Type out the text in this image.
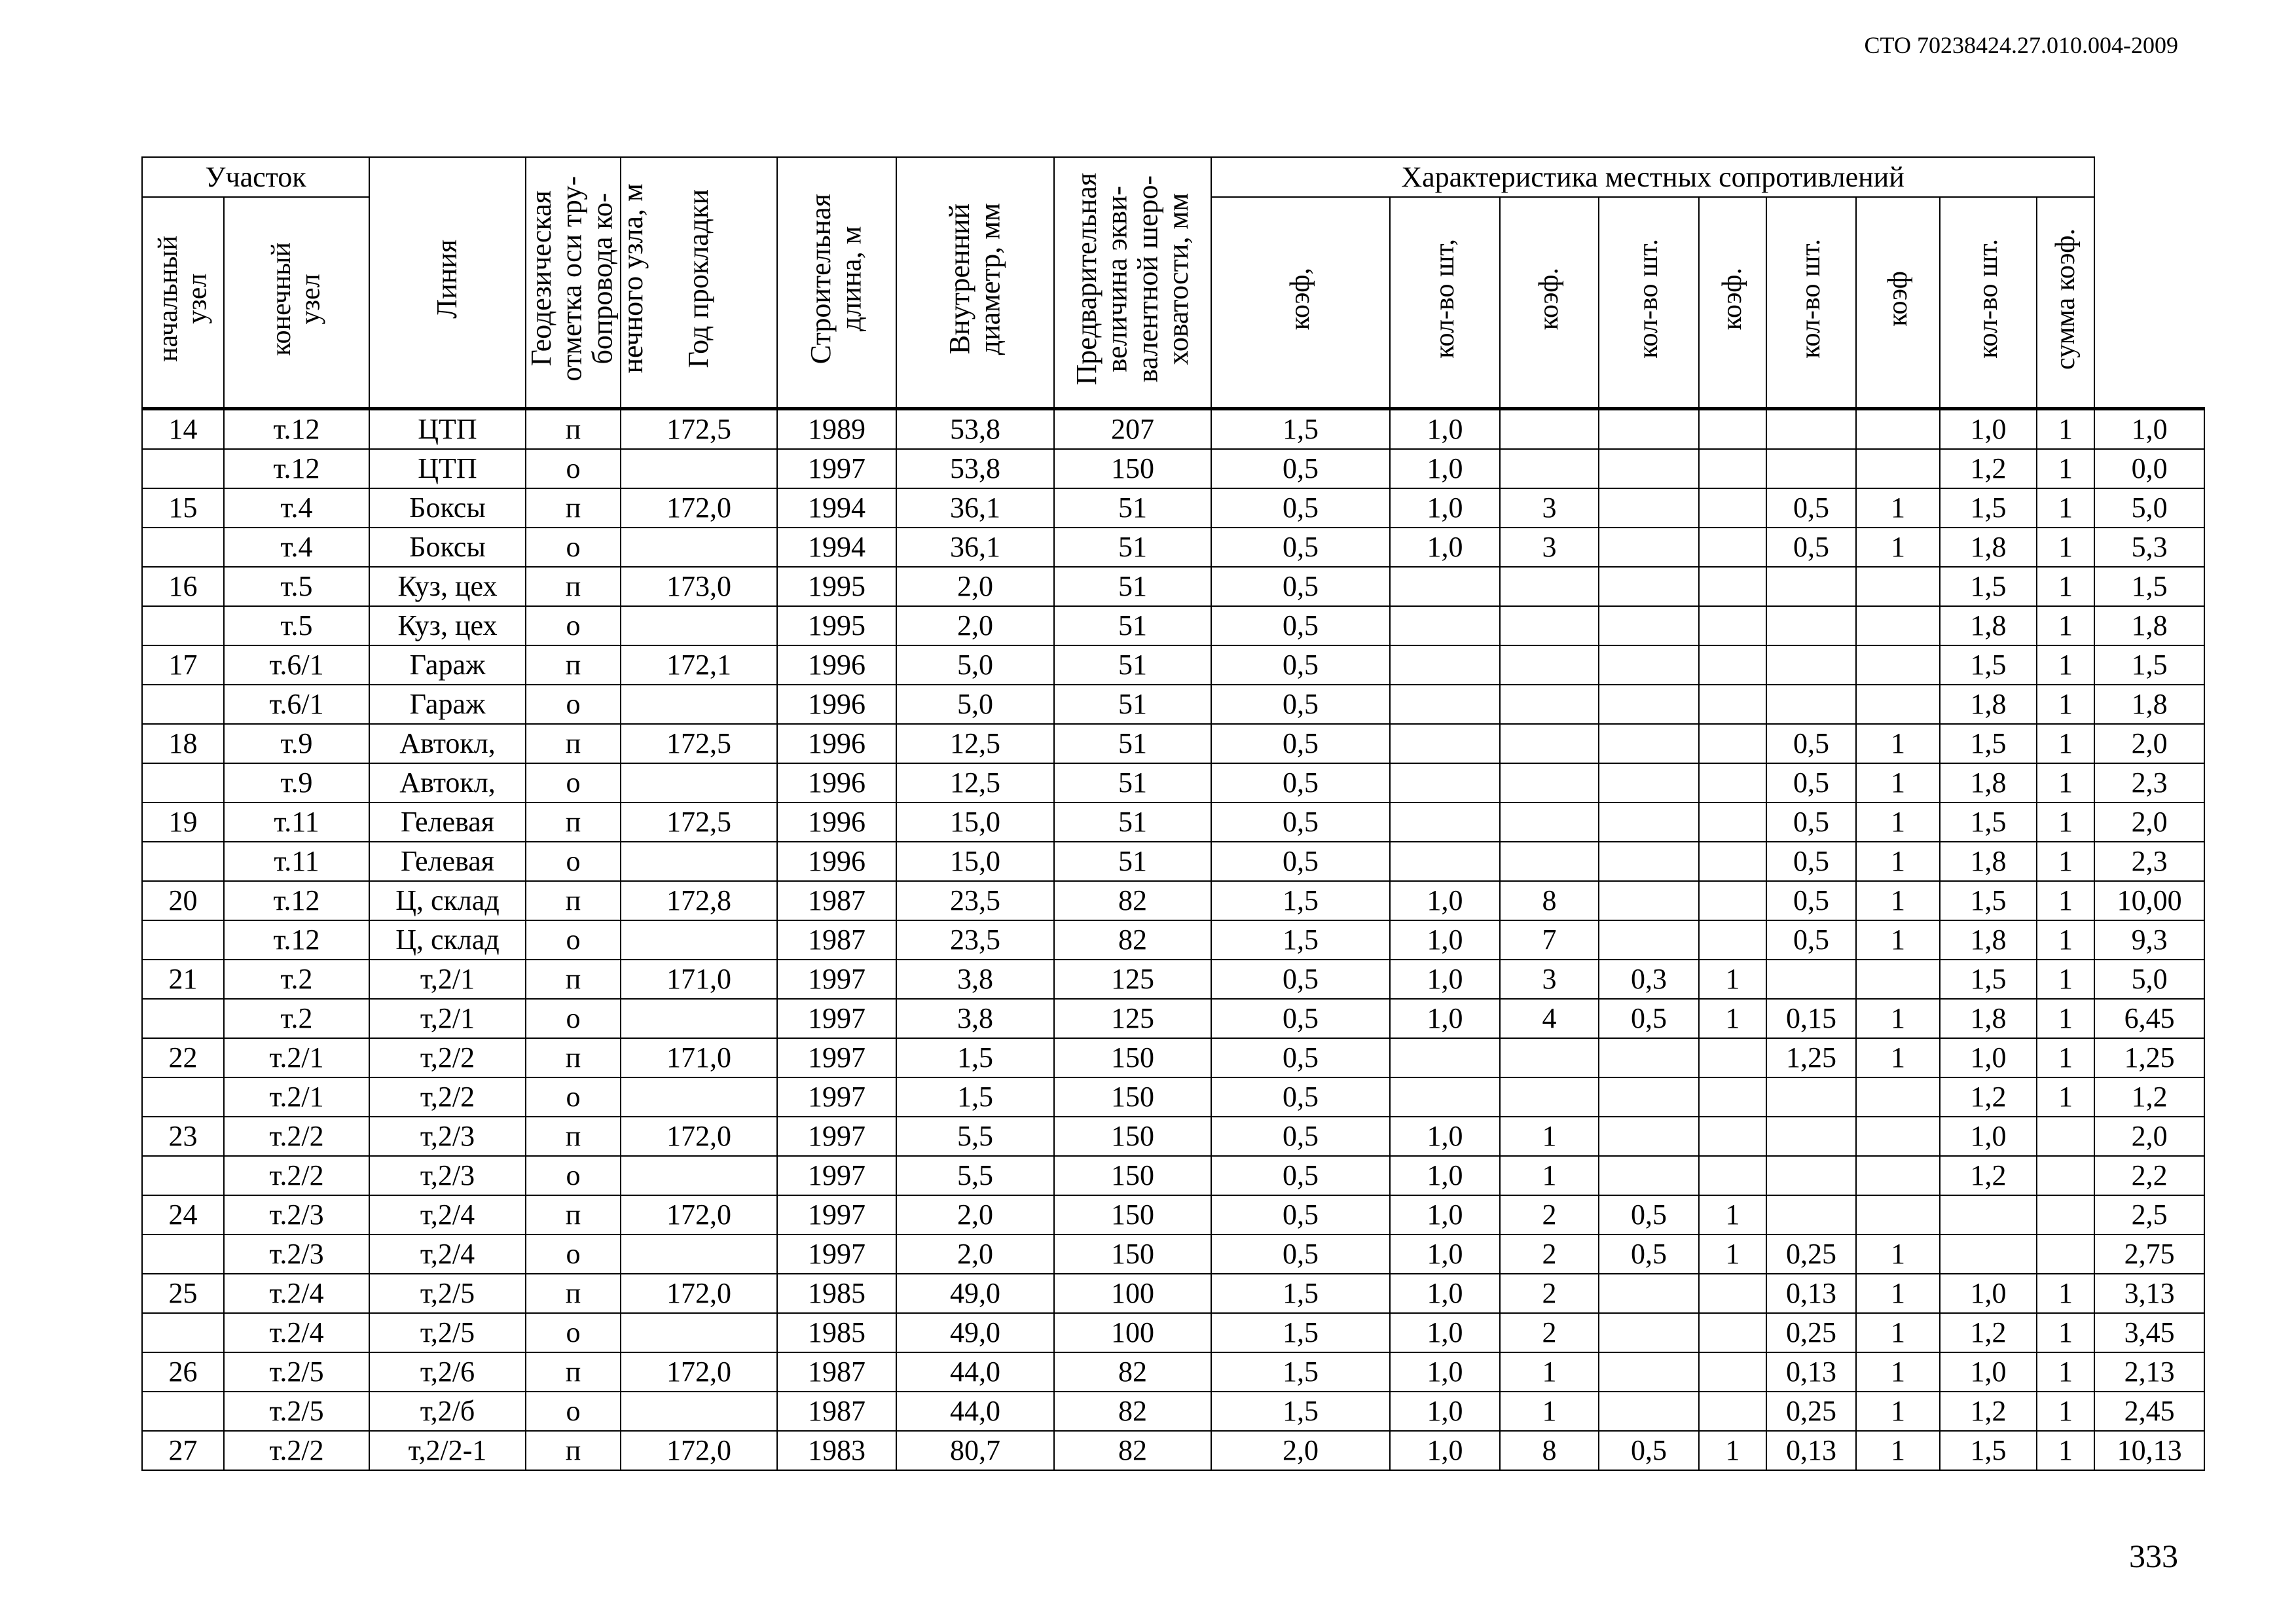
СТО 70238424.27.010.004-2009
Участок		Линия	Геодезическая
отметка оси тру-
бопровода ко-
нечного узла, м	Год прокладки	Строительная
длина, м	Внутренний
диаметр, мм	Предварительная
величина экви-
валентной шеро-
ховатости, мм	Характеристика местных сопротивлений									
начальный
узел	конечный
узел							коэф,	кол-во шт,	коэф.	кол-во шт.	коэф.	кол-во шт.	коэф	кол-во шт.	сумма коэф.	
14	т.12	ЦТП	п	172,5	1989	53,8	207	1,5	1,0						1,0	1	1,0
	т.12	ЦТП	о		1997	53,8	150	0,5	1,0						1,2	1	0,0
15	т.4	Боксы	п	172,0	1994	36,1	51	0,5	1,0	3			0,5	1	1,5	1	5,0
	т.4	Боксы	о		1994	36,1	51	0,5	1,0	3			0,5	1	1,8	1	5,3
16	т.5	Куз, цех	п	173,0	1995	2,0	51	0,5							1,5	1	1,5
	т.5	Куз, цех	о		1995	2,0	51	0,5							1,8	1	1,8
17	т.6/1	Гараж	п	172,1	1996	5,0	51	0,5							1,5	1	1,5
	т.6/1	Гараж	о		1996	5,0	51	0,5							1,8	1	1,8
18	т.9	Автокл,	п	172,5	1996	12,5	51	0,5					0,5	1	1,5	1	2,0
	т.9	Автокл,	о		1996	12,5	51	0,5					0,5	1	1,8	1	2,3
19	т.11	Гелевая	п	172,5	1996	15,0	51	0,5					0,5	1	1,5	1	2,0
	т.11	Гелевая	о		1996	15,0	51	0,5					0,5	1	1,8	1	2,3
20	т.12	Ц, склад	п	172,8	1987	23,5	82	1,5	1,0	8			0,5	1	1,5	1	10,00
	т.12	Ц, склад	о		1987	23,5	82	1,5	1,0	7			0,5	1	1,8	1	9,3
21	т.2	т,2/1	п	171,0	1997	3,8	125	0,5	1,0	3	0,3	1			1,5	1	5,0
	т.2	т,2/1	о		1997	3,8	125	0,5	1,0	4	0,5	1	0,15	1	1,8	1	6,45
22	т.2/1	т,2/2	п	171,0	1997	1,5	150	0,5					1,25	1	1,0	1	1,25
	т.2/1	т,2/2	о		1997	1,5	150	0,5							1,2	1	1,2
23	т.2/2	т,2/3	п	172,0	1997	5,5	150	0,5	1,0	1					1,0		2,0
	т.2/2	т,2/3	о		1997	5,5	150	0,5	1,0	1					1,2		2,2
24	т.2/3	т,2/4	п	172,0	1997	2,0	150	0,5	1,0	2	0,5	1					2,5
	т.2/3	т,2/4	о		1997	2,0	150	0,5	1,0	2	0,5	1	0,25	1			2,75
25	т.2/4	т,2/5	п	172,0	1985	49,0	100	1,5	1,0	2			0,13	1	1,0	1	3,13
	т.2/4	т,2/5	о		1985	49,0	100	1,5	1,0	2			0,25	1	1,2	1	3,45
26	т.2/5	т,2/6	п	172,0	1987	44,0	82	1,5	1,0	1			0,13	1	1,0	1	2,13
	т.2/5	т,2/б	о		1987	44,0	82	1,5	1,0	1			0,25	1	1,2	1	2,45
27	т.2/2	т,2/2-1	п	172,0	1983	80,7	82	2,0	1,0	8	0,5	1	0,13	1	1,5	1	10,13
333
